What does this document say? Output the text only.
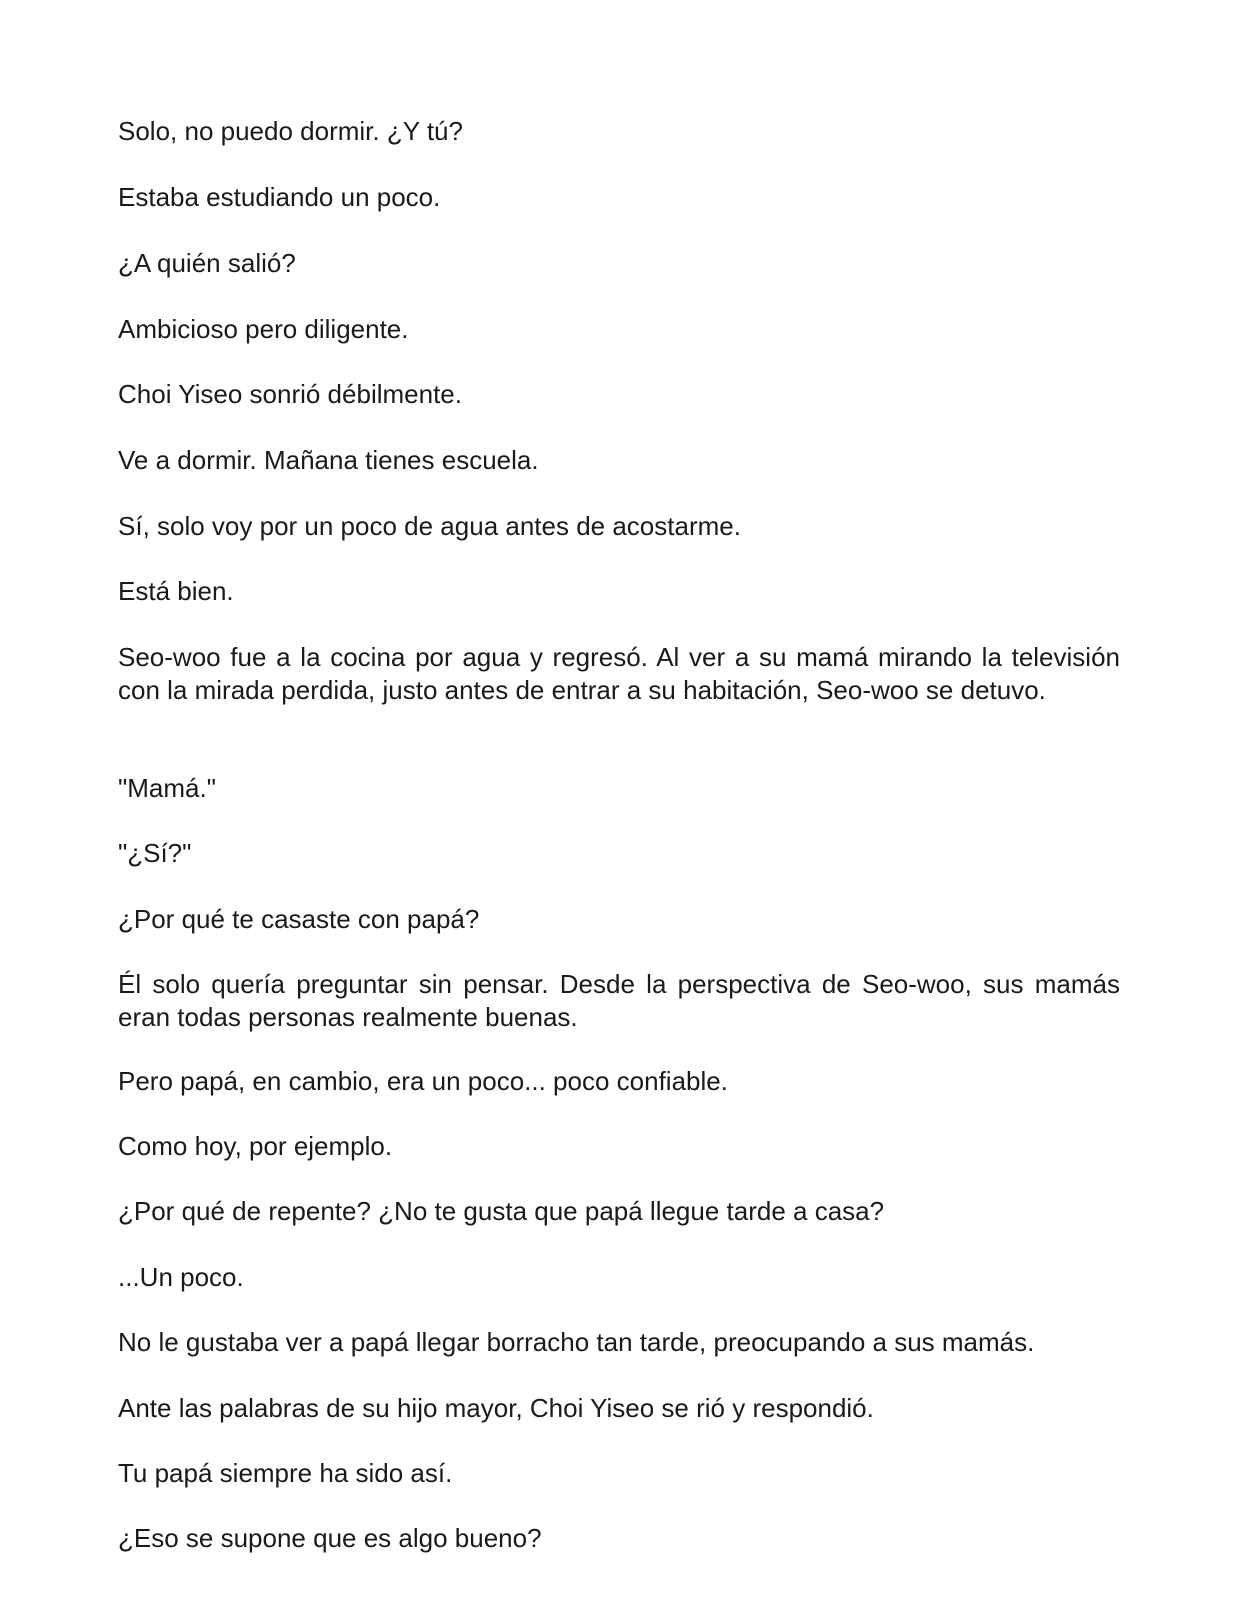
Solo, no puedo dormir. ¿Y tú?

Estaba estudiando un poco.

¿A quién salió?

Ambicioso pero diligente.

Choi Yiseo sonrió débilmente.

Ve a dormir. Mañana tienes escuela.

Sí, solo voy por un poco de agua antes de acostarme.

Está bien.

Seo-woo fue a la cocina por agua y regresó. Al ver a su mamá mirando la televisión con la mirada perdida, justo antes de entrar a su habitación, Seo-woo se detuvo.

"Mamá."

"¿Sí?"

¿Por qué te casaste con papá?

Él solo quería preguntar sin pensar. Desde la perspectiva de Seo-woo, sus mamás eran todas personas realmente buenas.

Pero papá, en cambio, era un poco... poco confiable.

Como hoy, por ejemplo.

¿Por qué de repente? ¿No te gusta que papá llegue tarde a casa?

...Un poco.

No le gustaba ver a papá llegar borracho tan tarde, preocupando a sus mamás.

Ante las palabras de su hijo mayor, Choi Yiseo se rió y respondió.

Tu papá siempre ha sido así.

¿Eso se supone que es algo bueno?
